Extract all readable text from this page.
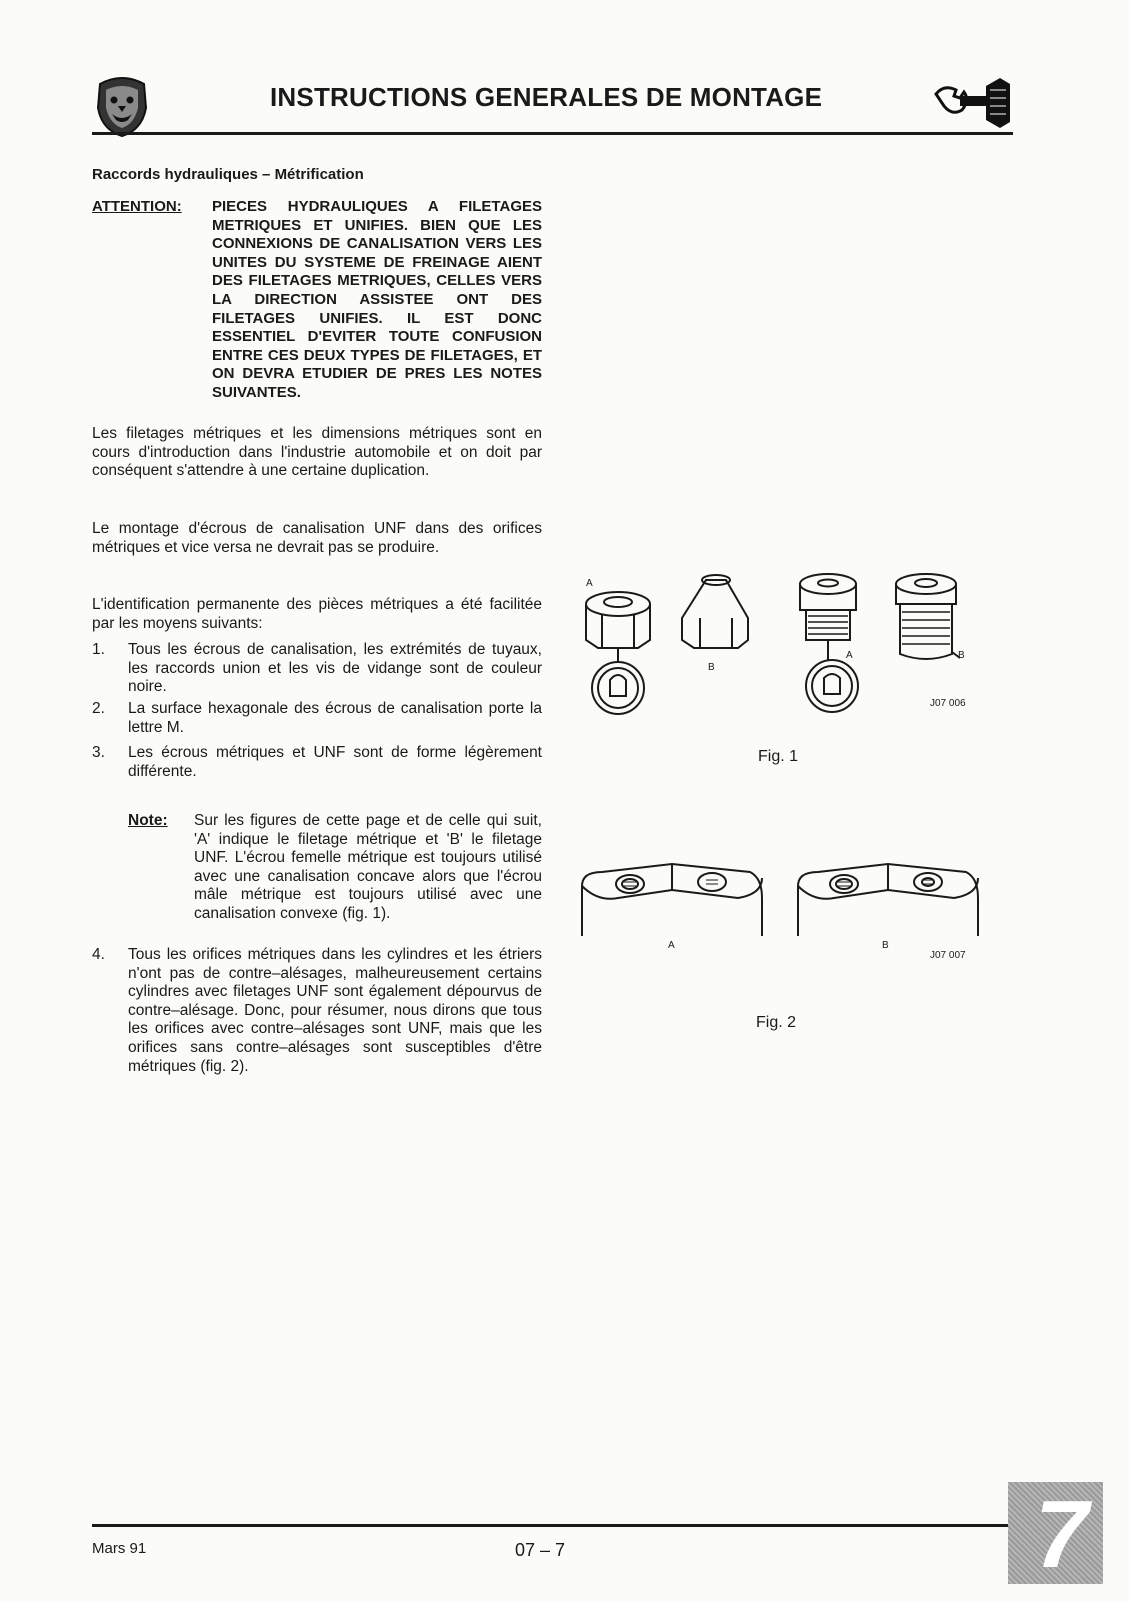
INSTRUCTIONS GENERALES DE MONTAGE
Raccords hydrauliques – Métrification
ATTENTION: PIECES HYDRAULIQUES A FILETAGES METRIQUES ET UNIFIES. BIEN QUE LES CONNEXIONS DE CANALISATION VERS LES UNITES DU SYSTEME DE FREINAGE AIENT DES FILETAGES METRIQUES, CELLES VERS LA DIRECTION ASSISTEE ONT DES FILETAGES UNIFIES. IL EST DONC ESSENTIEL D'EVITER TOUTE CONFUSION ENTRE CES DEUX TYPES DE FILETAGES, ET ON DEVRA ETUDIER DE PRES LES NOTES SUIVANTES.

Les filetages métriques et les dimensions métriques sont en cours d'introduction dans l'industrie automobile et on doit par conséquent s'attendre à une certaine duplication.

Le montage d'écrous de canalisation UNF dans des orifices métriques et vice versa ne devrait pas se produire.

L'identification permanente des pièces métriques a été facilitée par les moyens suivants:

1. Tous les écrous de canalisation, les extrémités de tuyaux, les raccords union et les vis de vidange sont de couleur noire.
2. La surface hexagonale des écrous de canalisation porte la lettre M.
3. Les écrous métriques et UNF sont de forme légèrement différente.
Note: Sur les figures de cette page et de celle qui suit, 'A' indique le filetage métrique et 'B' le filetage UNF. L'écrou femelle métrique est toujours utilisé avec une canalisation concave alors que l'écrou mâle métrique est toujours utilisé avec une canalisation convexe (fig. 1).
4. Tous les orifices métriques dans les cylindres et les étriers n'ont pas de contre–alésages, malheureusement certains cylindres avec filetages UNF sont également dépourvus de contre–alésage. Donc, pour résumer, nous dirons que tous les orifices avec contre–alésages sont UNF, mais que les orifices sans contre–alésages sont susceptibles d'être métriques (fig. 2).
A
B
A	B
J07 006
Fig. 1
A	B
J07 007
Fig. 2
Mars 91	07 – 7	7
